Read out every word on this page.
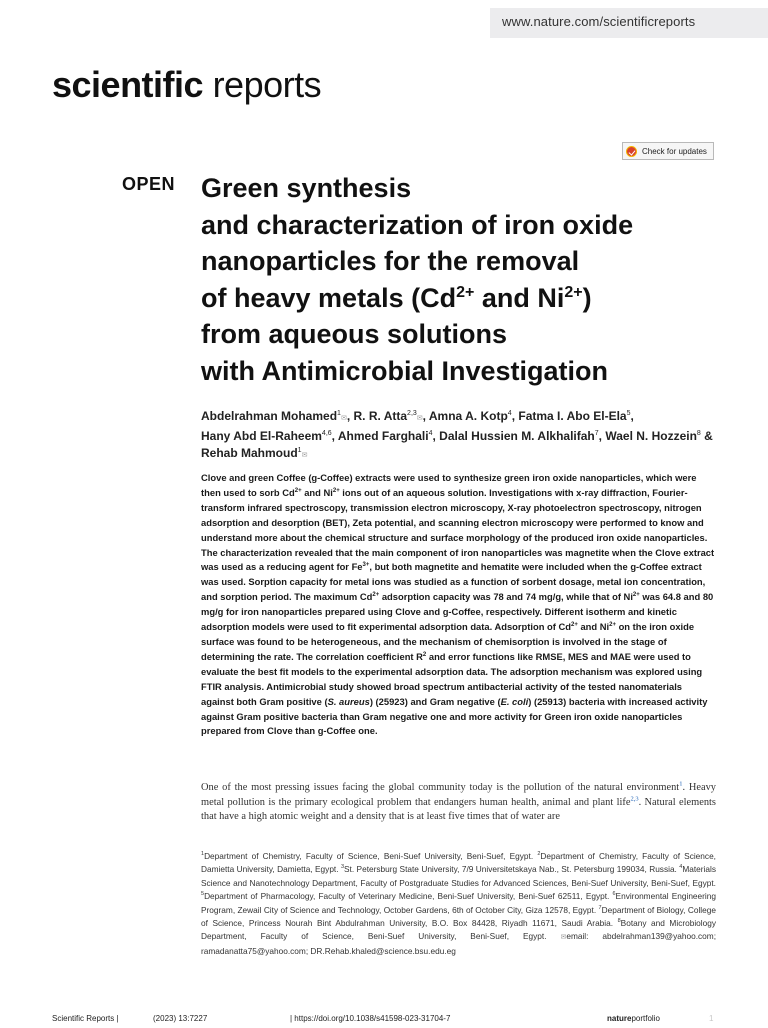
www.nature.com/scientificreports
scientific reports
Check for updates
OPEN Green synthesis
and characterization of iron oxide
nanoparticles for the removal
of heavy metals ($Cd^{2+}$ and $Ni^{2+}$)
from aqueous solutions
with Antimicrobial Investigation
Abdelrahman Mohamed$^1$✉, R. R. Atta$^{2,3}$✉, Amna A. Kotp$^4$, Fatma I. Abo El-Ela$^5$,
Hany Abd El-Raheem$^{4,6}$, Ahmed Farghali$^4$, Dalal Hussien M. Alkhalifah$^7$, Wael N. Hozzein$^8$ &
Rehab Mahmoud$^1$✉

Clove and green Coffee (g-Coffee) extracts were used to synthesize green iron oxide nanoparticles, which were then used to sorb $Cd^{2+}$ and $Ni^{2+}$ ions out of an aqueous solution. Investigations with x-ray diffraction, Fourier-transform infrared spectroscopy, transmission electron microscopy, X-ray photoelectron spectroscopy, nitrogen adsorption and desorption (BET), Zeta potential, and scanning electron microscopy were performed to know and understand more about the chemical structure and surface morphology of the produced iron oxide nanoparticles. The characterization revealed that the main component of iron nanoparticles was magnetite when the Clove extract was used as a reducing agent for $Fe^{3+}$, but both magnetite and hematite were included when the g-Coffee extract was used. Sorption capacity for metal ions was studied as a function of sorbent dosage, metal ion concentration, and sorption period. The maximum $Cd^{2+}$ adsorption capacity was 78 and 74 mg/g, while that of $Ni^{2+}$ was 64.8 and 80 mg/g for iron nanoparticles prepared using Clove and g-Coffee, respectively. Different isotherm and kinetic adsorption models were used to fit experimental adsorption data. Adsorption of $Cd^{2+}$ and $Ni^{2+}$ on the iron oxide surface was found to be heterogeneous, and the mechanism of chemisorption is involved in the stage of determining the rate. The correlation coefficient $R^2$ and error functions like RMSE, MES and MAE were used to evaluate the best fit models to the experimental adsorption data. The adsorption mechanism was explored using FTIR analysis. Antimicrobial study showed broad spectrum antibacterial activity of the tested nanomaterials against both Gram positive (S. aureus) (25923) and Gram negative (E. coli) (25913) bacteria with increased activity against Gram positive bacteria than Gram negative one and more activity for Green iron oxide nanoparticles prepared from Clove than g-Coffee one.

One of the most pressing issues facing the global community today is the pollution of the natural environment$^1$. Heavy metal pollution is the primary ecological problem that endangers human health, animal and plant life$^{2,3}$. Natural elements that have a high atomic weight and a density that is at least five times that of water are

$^1$Department of Chemistry, Faculty of Science, Beni-Suef University, Beni-Suef, Egypt. $^2$Department of Chemistry, Faculty of Science, Damietta University, Damietta, Egypt. $^3$St. Petersburg State University, 7/9 Universitetskaya Nab., St. Petersburg 199034, Russia. $^4$Materials Science and Nanotechnology Department, Faculty of Postgraduate Studies for Advanced Sciences, Beni-Suef University, Beni-Suef, Egypt. $^5$Department of Pharmacology, Faculty of Veterinary Medicine, Beni-Suef University, Beni-Suef 62511, Egypt. $^6$Environmental Engineering Program, Zewail City of Science and Technology, October Gardens, 6th of October City, Giza 12578, Egypt. $^7$Department of Biology, College of Science, Princess Nourah Bint Abdulrahman University, B.O. Box 84428, Riyadh 11671, Saudi Arabia. $^8$Botany and Microbiology Department, Faculty of Science, Beni-Suef University, Beni-Suef, Egypt. ✉email: abdelrahman139@yahoo.com; ramadanatta75@yahoo.com; DR.Rehab.khaled@science.bsu.edu.eg

Scientific Reports |	(2023) 13:7227	| https://doi.org/10.1038/s41598-023-31704-7	natureportfolio	1
